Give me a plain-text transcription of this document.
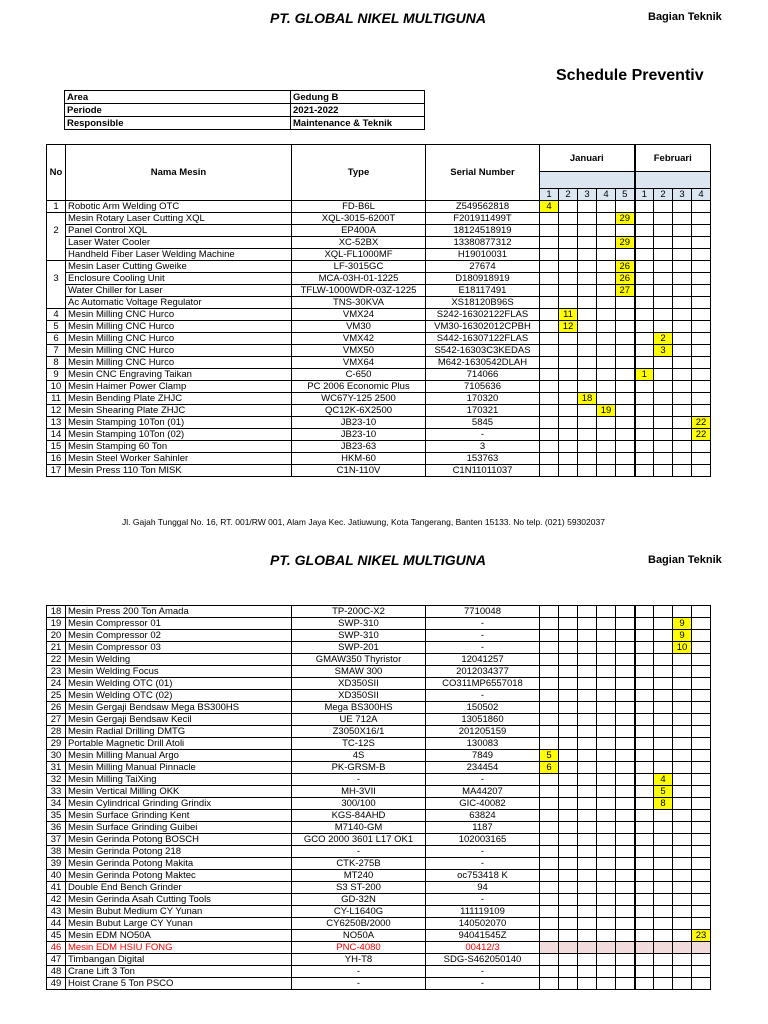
PT. GLOBAL NIKEL MULTIGUNA	Bagian Teknik
Schedule Preventiv
Area	Gedung B
Periode	2021-2022
Responsible	Maintenance & Teknik
No	Nama Mesin	Type	Serial Number	Januari					Februari			

				1	2	3	4	5	1	2	3	4
1	Robotic Arm Welding OTC	FD-B6L	Z549562818	4								
	Mesin Rotary Laser Cutting XQL	XQL-3015-6200T	F201911499T					29				
2	Panel Control XQL	EP400A	18124518919									
	Laser Water Cooler	XC-52BX	13380877312					29				
	Handheld Fiber Laser Welding Machine	XQL-FL1000MF	H19010031									
	Mesin Laser Cutting Gweike	LF-3015GC	27674					26				
3	Enclosure Cooling Unit	MCA-03H-01-1225	D180918919					26				
	Water Chiller for Laser	TFLW-1000WDR-03Z-1225	E18117491					27				
	Ac Automatic Voltage Regulator	TNS-30KVA	XS18120B96S									
4	Mesin Milling CNC Hurco	VMX24	S242-16302122FLAS		11							
5	Mesin Milling CNC Hurco	VM30	VM30-16302012CPBH		12							
6	Mesin Milling CNC Hurco	VMX42	S442-16307122FLAS							2		
7	Mesin Milling CNC Hurco	VMX50	S542-16303C3KEDAS							3		
8	Mesin Milling CNC Hurco	VMX64	M642-1630542DLAH									
9	Mesin CNC Engraving Taikan	C-650	714066						1			
10	Mesin Haimer Power Clamp	PC 2006 Economic Plus	7105636									
11	Mesin Bending Plate ZHJC	WC67Y-125 2500	170320			18						
12	Mesin Shearing Plate ZHJC	QC12K-6X2500	170321				19					
13	Mesin Stamping 10Ton (01)	JB23-10	5845									22
14	Mesin Stamping 10Ton (02)	JB23-10	-									22
15	Mesin Stamping 60 Ton	JB23-63	3									
16	Mesin Steel Worker Sahinler	HKM-60	153763									
17	Mesin Press 110 Ton MISK	C1N-110V	C1N11011037									
Jl. Gajah Tunggal No. 16, RT. 001/RW 001, Alam Jaya Kec. Jatiuwung, Kota Tangerang, Banten 15133. No telp. (021) 59302037
PT. GLOBAL NIKEL MULTIGUNA	Bagian Teknik
18	Mesin Press 200 Ton Amada	TP-200C-X2	7710048									
19	Mesin Compressor 01	SWP-310	-								9	
20	Mesin Compressor 02	SWP-310	-								9	
21	Mesin Compressor 03	SWP-201	-								10	
22	Mesin Welding	GMAW350 Thyristor	12041257									
23	Mesin Welding Focus	SMAW 300	2012034377									
24	Mesin Welding OTC (01)	XD350SII	CO311MP6557018									
25	Mesin Welding OTC (02)	XD350SII	-									
26	Mesin Gergaji Bendsaw Mega BS300HS	Mega BS300HS	150502									
27	Mesin Gergaji Bendsaw Kecil	UE 712A	13051860									
28	Mesin Radial Drilling DMTG	Z3050X16/1	201205159									
29	Portable Magnetic Drill Atoli	TC-12S	130083									
30	Mesin Milling Manual Argo	4S	7849	5								
31	Mesin Milling Manual Pinnacle	PK-GRSM-B	234454	6								
32	Mesin Milling TaiXing	-	-							4		
33	Mesin Vertical Milling OKK	MH-3VII	MA44207							5		
34	Mesin Cylindrical Grinding Grindix	300/100	GIC-40082							8		
35	Mesin Surface Grinding Kent	KGS-84AHD	63824									
36	Mesin Surface Grinding Guibei	M7140-GM	1187									
37	Mesin Gerinda Potong BOSCH	GCO 2000 3601 L17 OK1	102003165									
38	Mesin Gerinda Potong 218	-	-									
39	Mesin Gerinda Potong Makita	CTK-275B	-									
40	Mesin Gerinda Potong Maktec	MT240	oc753418 K									
41	Double End Bench Grinder	S3 ST-200	94									
42	Mesin Gerinda Asah Cutting Tools	GD-32N	-									
43	Mesin Bubut Medium CY Yunan	CY-L1640G	111119109									
44	Mesin Bubut Large CY Yunan	CY6250B/2000	140502070									
45	Mesin EDM NO50A	NO50A	94041545Z									23
46	Mesin EDM HSIU FONG	PNC-4080	00412/3									
47	Timbangan Digital	YH-T8	SDG-S462050140									
48	Crane Lift 3 Ton	-	-									
49	Hoist Crane 5 Ton PSCO	-	-									
